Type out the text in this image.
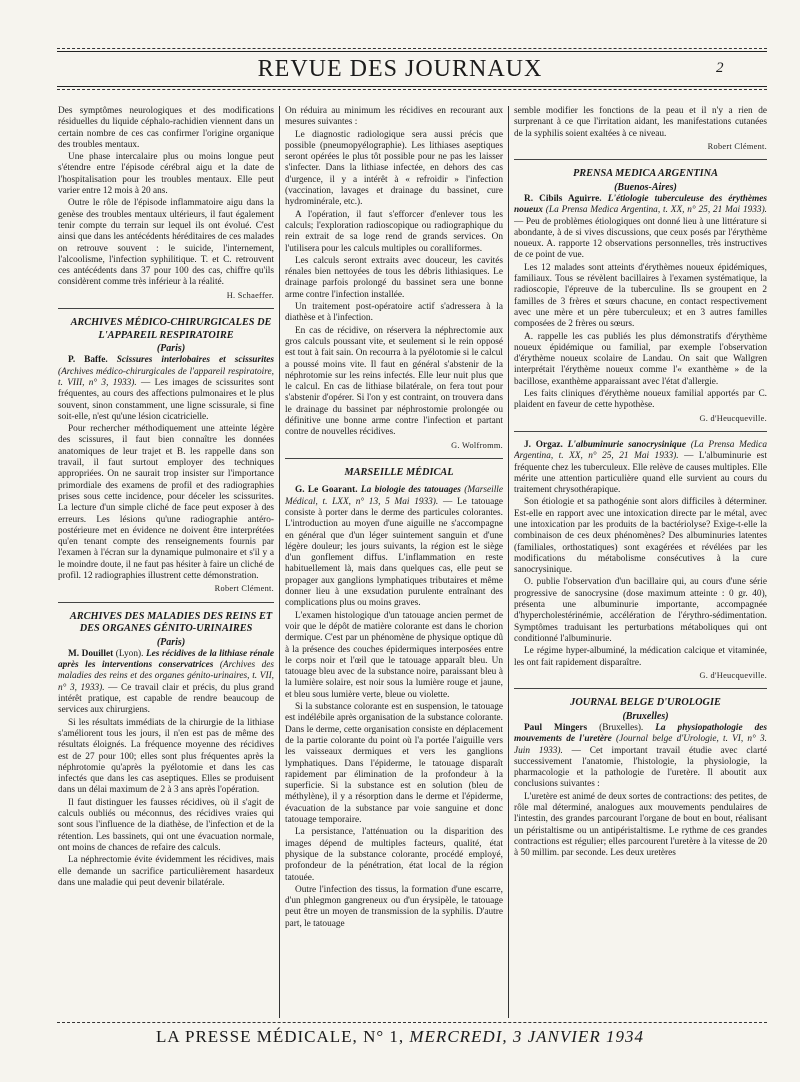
REVUE DES JOURNAUX	2

Des symptômes neurologiques et des modifications résiduelles du liquide céphalo-rachidien viennent dans un certain nombre de ces cas confirmer l'origine organique des troubles mentaux.

Une phase intercalaire plus ou moins longue peut s'étendre entre l'épisode cérébral aigu et la date de l'hospitalisation pour les troubles mentaux. Elle peut varier entre 12 mois à 20 ans.

Outre le rôle de l'épisode inflammatoire aigu dans la genèse des troubles mentaux ultérieurs, il faut également tenir compte du terrain sur lequel ils ont évolué. C'est ainsi que dans les antécédents héréditaires de ces malades on retrouve souvent : le suicide, l'internement, l'alcoolisme, l'infection syphilitique. T. et C. retrouvent ces antécédents dans 37 pour 100 des cas, chiffre qu'ils considèrent comme très inférieur à la réalité.

H. Schaeffer.

ARCHIVES MÉDICO-CHIRURGICALES DE L'APPAREIL RESPIRATOIRE

(Paris)

P. Baffe. Scissures interlobaires et scissurites (Archives médico-chirurgicales de l'appareil respiratoire, t. VIII, n° 3, 1933). — Les images de scissurites sont fréquentes, au cours des affections pulmonaires et le plus souvent, sinon constamment, une ligne scissurale, si fine soit-elle, n'est qu'une lésion cicatricielle.

Pour rechercher méthodiquement une atteinte légère des scissures, il faut bien connaître les données anatomiques de leur trajet et B. les rappelle dans son travail, il faut surtout employer des techniques appropriées. On ne saurait trop insister sur l'importance primordiale des examens de profil et des radiographies prises sous cette incidence, pour déceler les scissurites. La lecture d'un simple cliché de face peut exposer à des erreurs. Les lésions qu'une radiographie antéro-postérieure met en évidence ne doivent être interprétées qu'en tenant compte des renseignements fournis par l'examen à l'écran sur la dynamique pulmonaire et s'il y a le moindre doute, il ne faut pas hésiter à faire un cliché de profil. 12 radiographies illustrent cette démonstration.

Robert Clément.

ARCHIVES DES MALADIES DES REINS ET DES ORGANES GÉNITO-URINAIRES

(Paris)

M. Douillet (Lyon). Les récidives de la lithiase rénale après les interventions conservatrices (Archives des maladies des reins et des organes génito-urinaires, t. VII, n° 3, 1933). — Ce travail clair et précis, du plus grand intérêt pratique, est capable de rendre beaucoup de services aux chirurgiens.

Si les résultats immédiats de la chirurgie de la lithiase s'améliorent tous les jours, il n'en est pas de même des résultats éloignés. La fréquence moyenne des récidives est de 27 pour 100; elles sont plus fréquentes après la néphrotomie qu'après la pyélotomie et dans les cas infectés que dans les cas aseptiques. Elles se produisent dans un délai maximum de 2 à 3 ans après l'opération.

Il faut distinguer les fausses récidives, où il s'agit de calculs oubliés ou méconnus, des récidives vraies qui sont sous l'influence de la diathèse, de l'infection et de la rétention. Les bassinets, qui ont une évacuation normale, ont moins de chances de refaire des calculs.

La néphrectomie évite évidemment les récidives, mais elle demande un sacrifice particulièrement hasardeux dans une maladie qui peut devenir bilatérale.

On réduira au minimum les récidives en recourant aux mesures suivantes :

Le diagnostic radiologique sera aussi précis que possible (pneumopyélographie). Les lithiases aseptiques seront opérées le plus tôt possible pour ne pas les laisser s'infecter. Dans la lithiase infectée, en dehors des cas d'urgence, il y a intérêt à « refroidir » l'infection (vaccination, lavages et drainage du bassinet, cure hydrominérale, etc.).

A l'opération, il faut s'efforcer d'enlever tous les calculs; l'exploration radioscopique ou radiographique du rein extrait de sa loge rend de grands services. On l'utilisera pour les calculs multiples ou coralliformes.

Les calculs seront extraits avec douceur, les cavités rénales bien nettoyées de tous les débris lithiasiques. Le drainage parfois prolongé du bassinet sera une bonne arme contre l'infection installée.

Un traitement post-opératoire actif s'adressera à la diathèse et à l'infection.

En cas de récidive, on réservera la néphrectomie aux gros calculs poussant vite, et seulement si le rein opposé est tout à fait sain. On recourra à la pyélotomie si le calcul a poussé moins vite. Il faut en général s'abstenir de la néphrotomie sur les reins infectés. Elle leur nuit plus que le calcul. En cas de lithiase bilatérale, on fera tout pour s'abstenir d'opérer. Si l'on y est contraint, on trouvera dans le drainage du bassinet par néphrostomie prolongée ou définitive une bonne arme contre l'infection et partant contre de nouvelles récidives.

G. Wolfromm.

MARSEILLE MÉDICAL

G. Le Goarant. La biologie des tatouages (Marseille Médical, t. LXX, n° 13, 5 Mai 1933). — Le tatouage consiste à porter dans le derme des particules colorantes. L'introduction au moyen d'une aiguille ne s'accompagne en général que d'un léger suintement sanguin et d'une légère douleur; les jours suivants, la région est le siège d'un gonflement diffus. L'inflammation en reste habituellement là, mais dans quelques cas, elle peut se propager aux ganglions lymphatiques tributaires et même donner lieu à une exsudation purulente entraînant des complications plus ou moins graves.

L'examen histologique d'un tatouage ancien permet de voir que le dépôt de matière colorante est dans le chorion dermique. C'est par un phénomène de physique optique dû à la présence des couches épidermiques interposées entre le corps noir et l'œil que le tatouage apparaît bleu. Un tatouage bleu avec de la substance noire, paraissant bleu à la lumière solaire, est noir sous la lumière rouge et jaune, et bleu sous lumière verte, bleue ou violette.

Si la substance colorante est en suspension, le tatouage est indélébile après organisation de la substance colorante. Dans le derme, cette organisation consiste en déplacement de la partie colorante du point où l'a portée l'aiguille vers les vaisseaux dermiques et vers les ganglions lymphatiques. Dans l'épiderme, le tatouage disparaît rapidement par élimination de la profondeur à la superficie. Si la substance est en solution (bleu de méthylène), il y a résorption dans le derme et l'épiderme, évacuation de la substance par voie sanguine et donc tatouage temporaire.

La persistance, l'atténuation ou la disparition des images dépend de multiples facteurs, qualité, état physique de la substance colorante, procédé employé, profondeur de la pénétration, état local de la région tatouée.

Outre l'infection des tissus, la formation d'une escarre, d'un phlegmon gangreneux ou d'un érysipèle, le tatouage peut être un moyen de transmission de la syphilis. D'autre part, le tatouage

semble modifier les fonctions de la peau et il n'y a rien de surprenant à ce que l'irritation aidant, les manifestations cutanées de la syphilis soient exaltées à ce niveau.

Robert Clément.

PRENSA MEDICA ARGENTINA

(Buenos-Aires)

R. Cibils Aguirre. L'étiologie tuberculeuse des érythèmes noueux (La Prensa Medica Argentina, t. XX, n° 25, 21 Mai 1933). — Peu de problèmes étiologiques ont donné lieu à une littérature si abondante, à de si vives discussions, que ceux posés par l'érythème noueux. A. rapporte 12 observations personnelles, très instructives de ce point de vue.

Les 12 malades sont atteints d'érythèmes noueux épidémiques, familiaux. Tous se révèlent bacillaires à l'examen systématique, la radioscopie, l'épreuve de la tuberculine. Ils se groupent en 2 familles de 3 frères et sœurs chacune, en contact respectivement avec une mère et un père tuberculeux; et en 3 autres familles composées de 2 frères ou sœurs.

A. rappelle les cas publiés les plus démonstratifs d'érythème noueux épidémique ou familial, par exemple l'observation d'érythème noueux scolaire de Landau. On sait que Wallgren interprétait l'érythème noueux comme l'« exanthème » de la bacillose, exanthème apparaissant avec l'état d'allergie.

Les faits cliniques d'érythème noueux familial apportés par C. plaident en faveur de cette hypothèse.

G. d'Heucqueville.

J. Orgaz. L'albuminurie sanocrysinique (La Prensa Medica Argentina, t. XX, n° 25, 21 Mai 1933). — L'albuminurie est fréquente chez les tuberculeux. Elle relève de causes multiples. Elle mérite une attention particulière quand elle survient au cours du traitement chrysothérapique.

Son étiologie et sa pathogénie sont alors difficiles à déterminer. Est-elle en rapport avec une intoxication directe par le métal, avec une intoxication par les produits de la bactériolyse? Exige-t-elle la combinaison de ces deux phénomènes? Des albuminuries latentes (familiales, orthostatiques) sont exagérées et révélées par les modifications du métabolisme consécutives à la cure sanocrysinique.

O. publie l'observation d'un bacillaire qui, au cours d'une série progressive de sanocrysine (dose maximum atteinte : 0 gr. 40), présenta une albuminurie importante, accompagnée d'hypercholestérinémie, accélération de l'érythro-sédimentation. Symptômes traduisant les perturbations métaboliques qui ont conditionné l'albuminurie.

Le régime hyper-albuminé, la médication calcique et vitaminée, les ont fait rapidement disparaître.

G. d'Heucqueville.

JOURNAL BELGE D'UROLOGIE

(Bruxelles)

Paul Mingers (Bruxelles). La physiopathologie des mouvements de l'uretère (Journal belge d'Urologie, t. VI, n° 3. Juin 1933). — Cet important travail étudie avec clarté successivement l'anatomie, l'histologie, la physiologie, la pharmacologie et la pathologie de l'uretère. Il aboutit aux conclusions suivantes :

L'uretère est animé de deux sortes de contractions: des petites, de rôle mal déterminé, analogues aux mouvements pendulaires de l'intestin, des grandes parcourant l'organe de bout en bout, réalisant un péristaltisme ou un antipéristaltisme. Le rythme de ces grandes contractions est régulier; elles parcourent l'uretère à la vitesse de 20 à 50 millim. par seconde. Les deux uretères

LA PRESSE MÉDICALE, N° 1, MERCREDI, 3 JANVIER 1934
